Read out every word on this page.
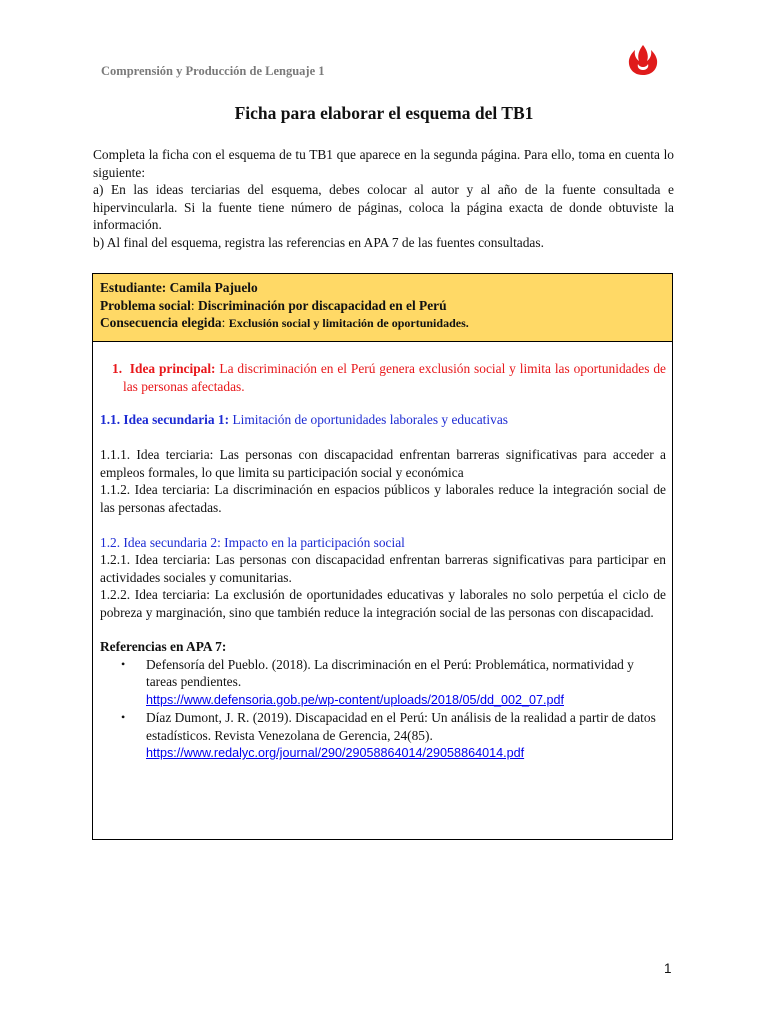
Comprensión y Producción de Lenguaje 1
Ficha para elaborar el esquema del TB1

Completa la ficha con el esquema de tu TB1 que aparece en la segunda página. Para ello, toma en cuenta lo siguiente:

a) En las ideas terciarias del esquema, debes colocar al autor y al año de la fuente consultada e hipervincularla. Si la fuente tiene número de páginas, coloca la página exacta de donde obtuviste la información.

b) Al final del esquema, registra las referencias en APA 7 de las fuentes consultadas.

Estudiante: Camila Pajuelo
Problema social: Discriminación por discapacidad en el Perú
Consecuencia elegida: Exclusión social y limitación de oportunidades.
1. Idea principal: La discriminación en el Perú genera exclusión social y limita las oportunidades de las personas afectadas.
1.1. Idea secundaria 1: Limitación de oportunidades laborales y educativas
1.1.1. Idea terciaria: Las personas con discapacidad enfrentan barreras significativas para acceder a empleos formales, lo que limita su participación social y económica
1.1.2. Idea terciaria: La discriminación en espacios públicos y laborales reduce la integración social de las personas afectadas.
1.2. Idea secundaria 2: Impacto en la participación social
1.2.1. Idea terciaria: Las personas con discapacidad enfrentan barreras significativas para participar en actividades sociales y comunitarias.
1.2.2. Idea terciaria: La exclusión de oportunidades educativas y laborales no solo perpetúa el ciclo de pobreza y marginación, sino que también reduce la integración social de las personas con discapacidad.
Referencias en APA 7:
• Defensoría del Pueblo. (2018). La discriminación en el Perú: Problemática, normatividad y tareas pendientes.
https://www.defensoria.gob.pe/wp-content/uploads/2018/05/dd_002_07.pdf
• Díaz Dumont, J. R. (2019). Discapacidad en el Perú: Un análisis de la realidad a partir de datos estadísticos. Revista Venezolana de Gerencia, 24(85).
https://www.redalyc.org/journal/290/29058864014/29058864014.pdf
1
